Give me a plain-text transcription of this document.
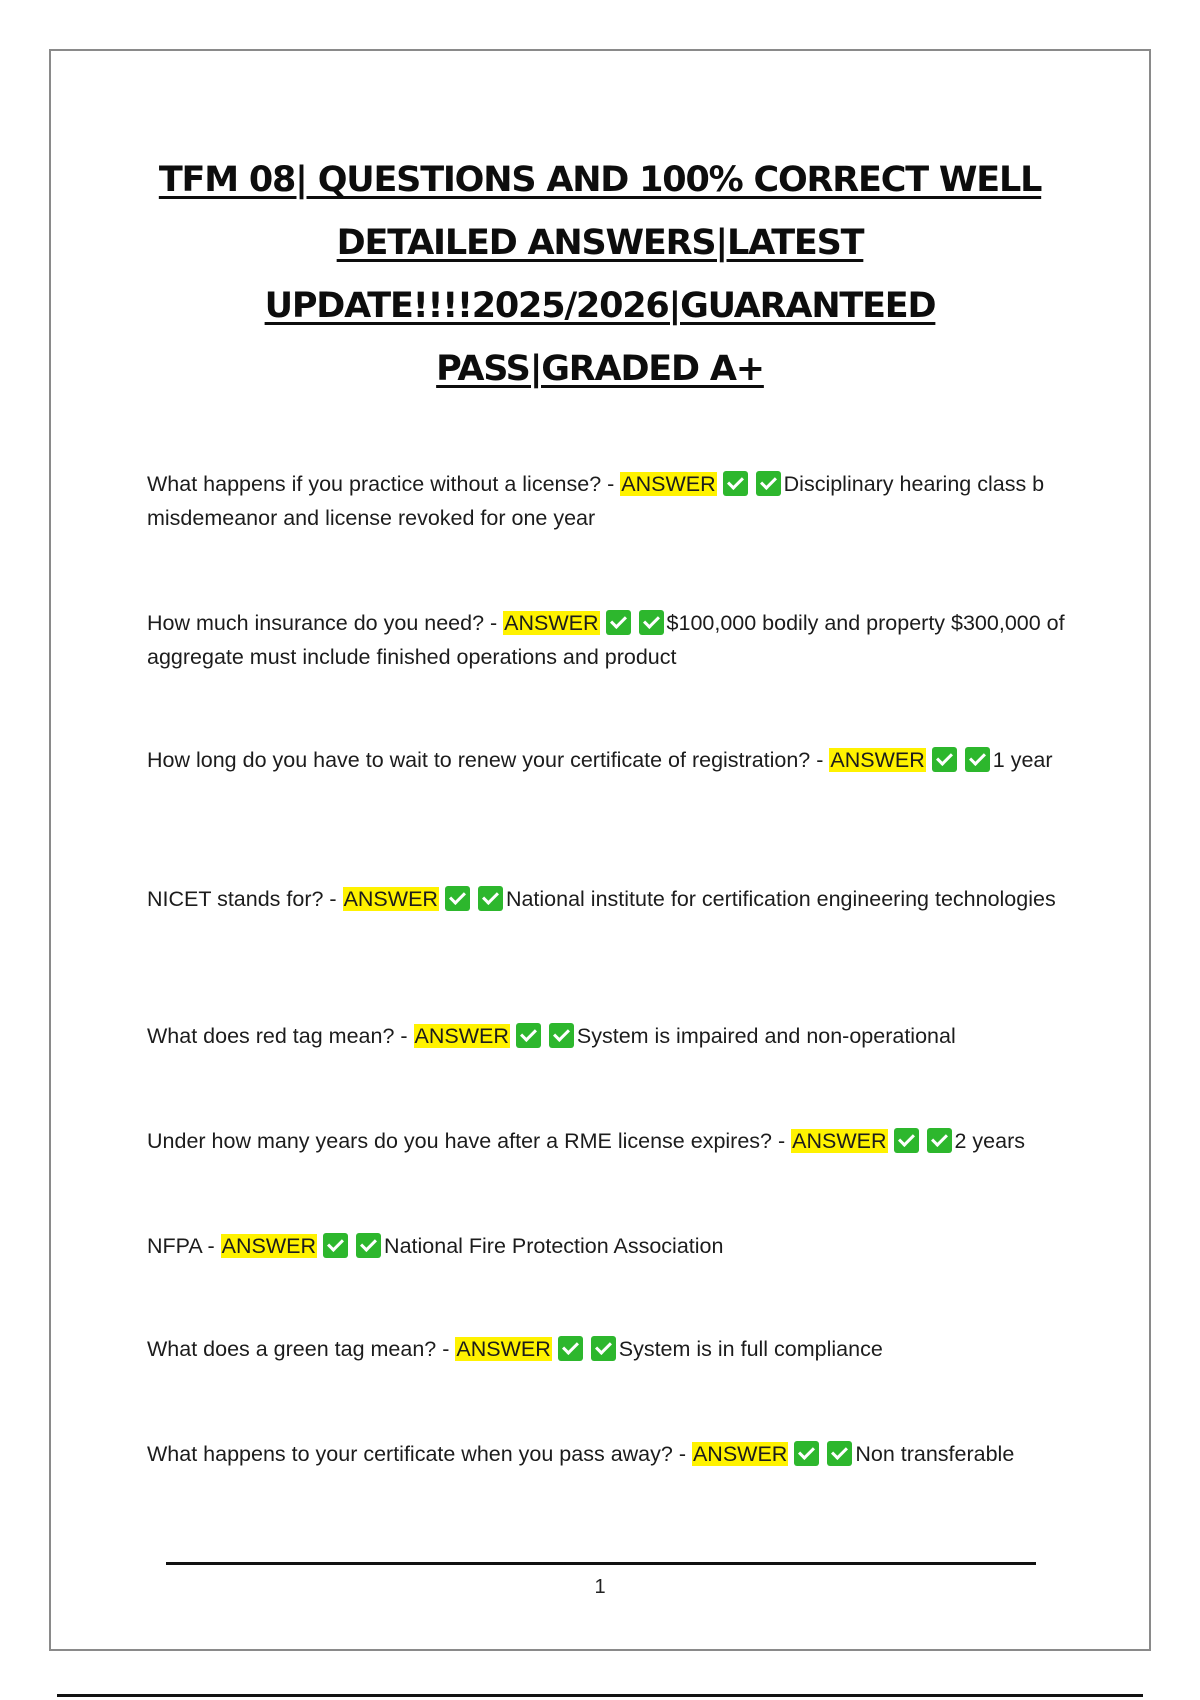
TFM 08| QUESTIONS AND 100% CORRECT WELL
DETAILED ANSWERS|LATEST
UPDATE!!!!2025/2026|GUARANTEED
PASS|GRADED A+

What happens if you practice without a license? - ANSWER	Disciplinary hearing class b misdemeanor and license revoked for one year

How much insurance do you need? - ANSWER	$100,000 bodily and property $300,000 of aggregate must include finished operations and product

How long do you have to wait to renew your certificate of registration? - ANSWER	1 year

NICET stands for? - ANSWER	National institute for certification engineering technologies

What does red tag mean? - ANSWER	System is impaired and non-operational

Under how many years do you have after a RME license expires? - ANSWER	2 years

NFPA - ANSWER	National Fire Protection Association

What does a green tag mean? - ANSWER	System is in full compliance

What happens to your certificate when you pass away? - ANSWER	Non transferable

1
